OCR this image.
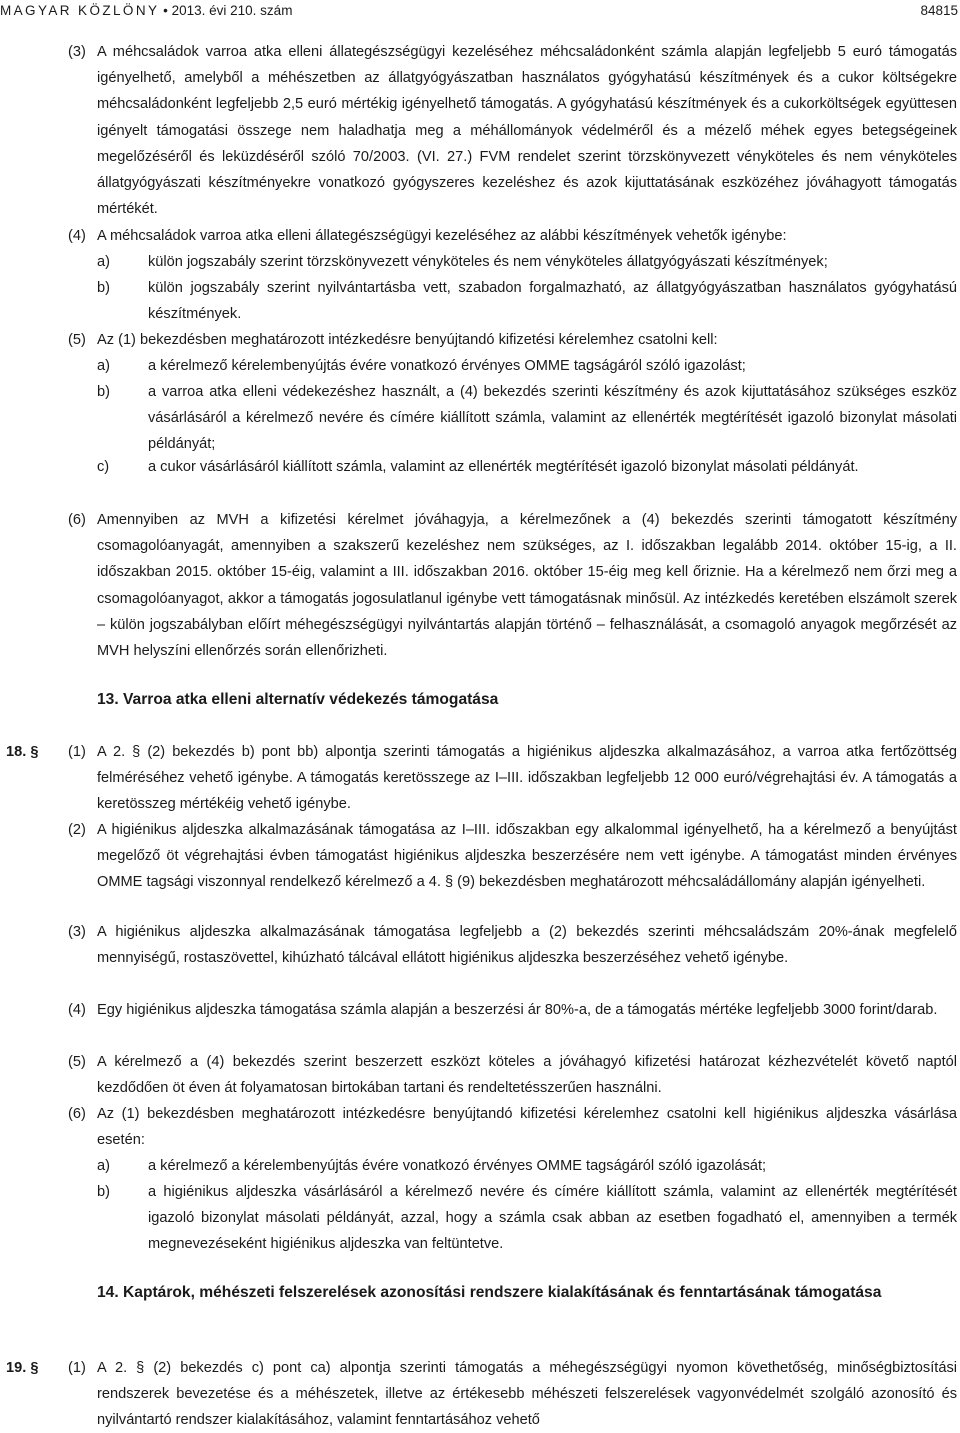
MAGYAR KÖZLÖNY • 2013. évi 210. szám	84815
(3) A méhcsaládok varroa atka elleni állategészségügyi kezeléséhez méhcsaládonként számla alapján legfeljebb 5 euró támogatás igényelhető, amelyből a méhészetben az állatgyógyászatban használatos gyógyhatású készítmények és a cukor költségekre méhcsaládonként legfeljebb 2,5 euró mértékig igényelhető támogatás. A gyógyhatású készítmények és a cukorköltségek együttesen igényelt támogatási összege nem haladhatja meg a méhállományok védelméről és a mézelő méhek egyes betegségeinek megelőzéséről és leküzdéséről szóló 70/2003. (VI. 27.) FVM rendelet szerint törzskönyvezett vényköteles és nem vényköteles állatgyógyászati készítményekre vonatkozó gyógyszeres kezeléshez és azok kijuttatásának eszközéhez jóváhagyott támogatás mértékét.
(4) A méhcsaládok varroa atka elleni állategészségügyi kezeléséhez az alábbi készítmények vehetők igénybe:
a)	külön jogszabály szerint törzskönyvezett vényköteles és nem vényköteles állatgyógyászati készítmények;
b)	külön jogszabály szerint nyilvántartásba vett, szabadon forgalmazható, az állatgyógyászatban használatos gyógyhatású készítmények.
(5) Az (1) bekezdésben meghatározott intézkedésre benyújtandó kifizetési kérelemhez csatolni kell:
a)	a kérelmező kérelembenyújtás évére vonatkozó érvényes OMME tagságáról szóló igazolást;
b)	a varroa atka elleni védekezéshez használt, a (4) bekezdés szerinti készítmény és azok kijuttatásához szükséges eszköz vásárlásáról a kérelmező nevére és címére kiállított számla, valamint az ellenérték megtérítését igazoló bizonylat másolati példányát;
c)	a cukor vásárlásáról kiállított számla, valamint az ellenérték megtérítését igazoló bizonylat másolati példányát.
(6) Amennyiben az MVH a kifizetési kérelmet jóváhagyja, a kérelmezőnek a (4) bekezdés szerinti támogatott készítmény csomagolóanyagát, amennyiben a szakszerű kezeléshez nem szükséges, az I. időszakban legalább 2014. október 15-ig, a II. időszakban 2015. október 15-éig, valamint a III. időszakban 2016. október 15-éig meg kell őriznie. Ha a kérelmező nem őrzi meg a csomagolóanyagot, akkor a támogatás jogosulatlanul igénybe vett támogatásnak minősül. Az intézkedés keretében elszámolt szerek – külön jogszabályban előírt méhegészségügyi nyilvántartás alapján történő – felhasználását, a csomagoló anyagok megőrzését az MVH helyszíni ellenőrzés során ellenőrizheti.
13. Varroa atka elleni alternatív védekezés támogatása
18. § (1) A 2. § (2) bekezdés b) pont bb) alpontja szerinti támogatás a higiénikus aljdeszka alkalmazásához, a varroa atka fertőzöttség felméréséhez vehető igénybe. A támogatás keretösszege az I–III. időszakban legfeljebb 12 000 euró/végrehajtási év. A támogatás a keretösszeg mértékéig vehető igénybe.
(2) A higiénikus aljdeszka alkalmazásának támogatása az I–III. időszakban egy alkalommal igényelhető, ha a kérelmező a benyújtást megelőző öt végrehajtási évben támogatást higiénikus aljdeszka beszerzésére nem vett igénybe. A támogatást minden érvényes OMME tagsági viszonnyal rendelkező kérelmező a 4. § (9) bekezdésben meghatározott méhcsaládállomány alapján igényelheti.
(3) A higiénikus aljdeszka alkalmazásának támogatása legfeljebb a (2) bekezdés szerinti méhcsaládszám 20%-ának megfelelő mennyiségű, rostaszövettel, kihúzható tálcával ellátott higiénikus aljdeszka beszerzéséhez vehető igénybe.
(4) Egy higiénikus aljdeszka támogatása számla alapján a beszerzési ár 80%-a, de a támogatás mértéke legfeljebb 3000 forint/darab.
(5) A kérelmező a (4) bekezdés szerint beszerzett eszközt köteles a jóváhagyó kifizetési határozat kézhezvételét követő naptól kezdődően öt éven át folyamatosan birtokában tartani és rendeltetésszerűen használni.
(6) Az (1) bekezdésben meghatározott intézkedésre benyújtandó kifizetési kérelemhez csatolni kell higiénikus aljdeszka vásárlása esetén:
a)	a kérelmező a kérelembenyújtás évére vonatkozó érvényes OMME tagságáról szóló igazolását;
b)	a higiénikus aljdeszka vásárlásáról a kérelmező nevére és címére kiállított számla, valamint az ellenérték megtérítését igazoló bizonylat másolati példányát, azzal, hogy a számla csak abban az esetben fogadható el, amennyiben a termék megnevezéseként higiénikus aljdeszka van feltüntetve.
14. Kaptárok, méhészeti felszerelések azonosítási rendszere kialakításának és fenntartásának támogatása
19. § (1) A 2. § (2) bekezdés c) pont ca) alpontja szerinti támogatás a méhegészségügyi nyomon követhetőség, minőségbiztosítási rendszerek bevezetése és a méhészetek, illetve az értékesebb méhészeti felszerelések vagyonvédelmét szolgáló azonosító és nyilvántartó rendszer kialakításához, valamint fenntartásához vehető
